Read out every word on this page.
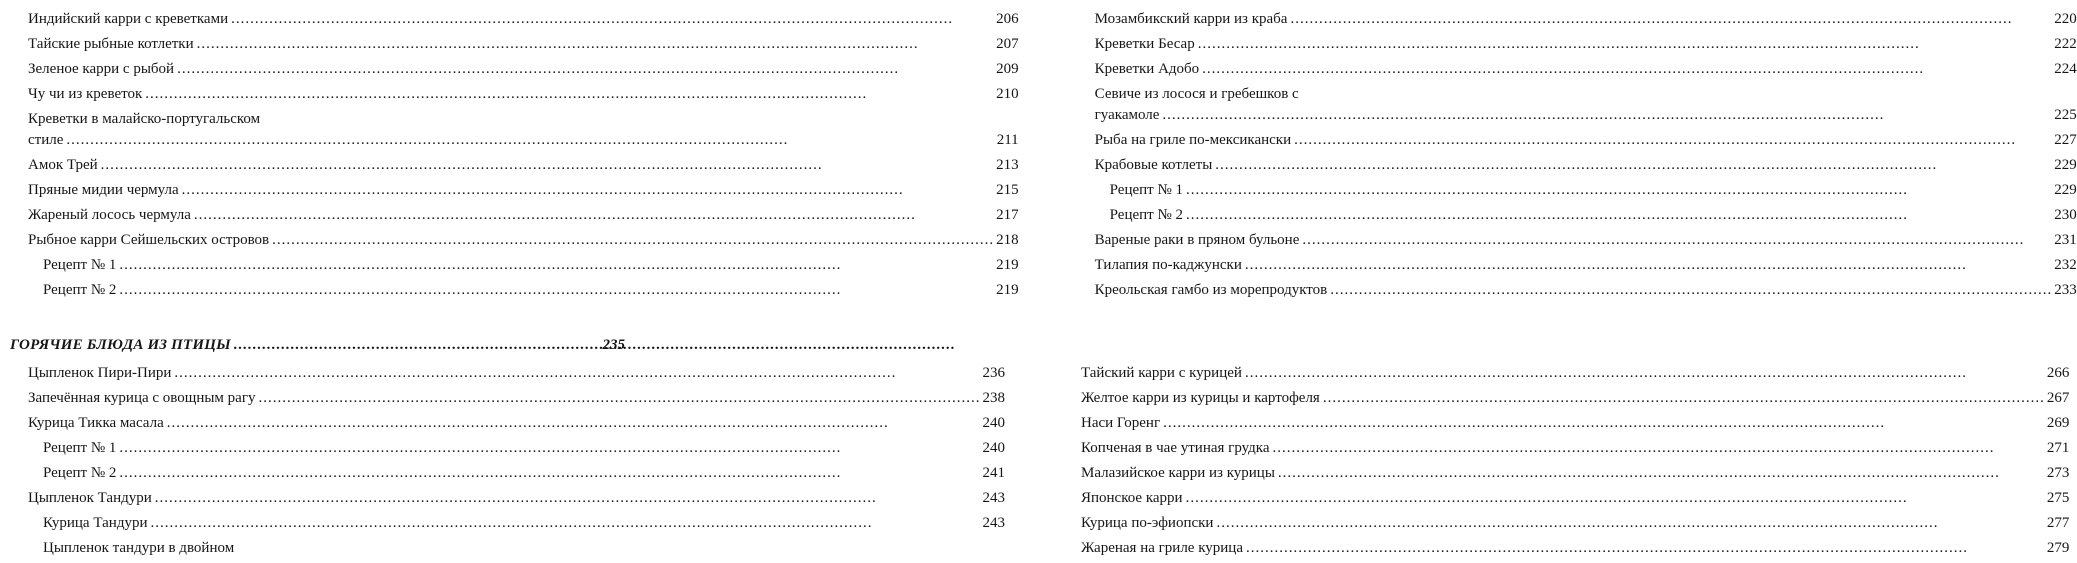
Индийский карри с креветками .....	206
Тайские рыбные котлетки .....	207
Зеленое карри с рыбой .....	209
Чу чи из креветок .....	210
Креветки в малайско-португальском
стиле .....	211
Амок Трей .....	213
Пряные мидии чермула .....	215
Жареный лосось чермула .....	217
Рыбное карри Сейшельских островов .....	218
Рецепт № 1 .....	219
Рецепт № 2 .....	219
Мозамбикский карри из краба .....	220
Креветки Бесар .....	222
Креветки Адобо .....	224
Севиче из лосося и гребешков с
гуакамоле .....	225
Рыба на гриле по-мексикански .....	227
Крабовые котлеты .....	229
Рецепт № 1 .....	229
Рецепт № 2 .....	230
Вареные раки в пряном бульоне .....	231
Тилапия по-каджунски .....	232
Креольская гамбо из морепродуктов .....	233
ГОРЯЧИЕ БЛЮДА ИЗ ПТИЦЫ .....	235
Цыпленок Пири-Пири .....	236
Запечённая курица с овощным рагу .....	238
Курица Тикка масала .....	240
Рецепт № 1 .....	240
Рецепт № 2 .....	241
Цыпленок Тандури .....	243
Курица Тандури .....	243
Цыпленок тандури в двойном
Тайский карри с курицей .....	266
Желтое карри из курицы и картофеля .....	267
Наси Горенг .....	269
Копченая в чае утиная грудка .....	271
Малазийское карри из курицы .....	273
Японское карри .....	275
Курица по-эфиопски .....	277
Жареная на гриле курица .....	279
